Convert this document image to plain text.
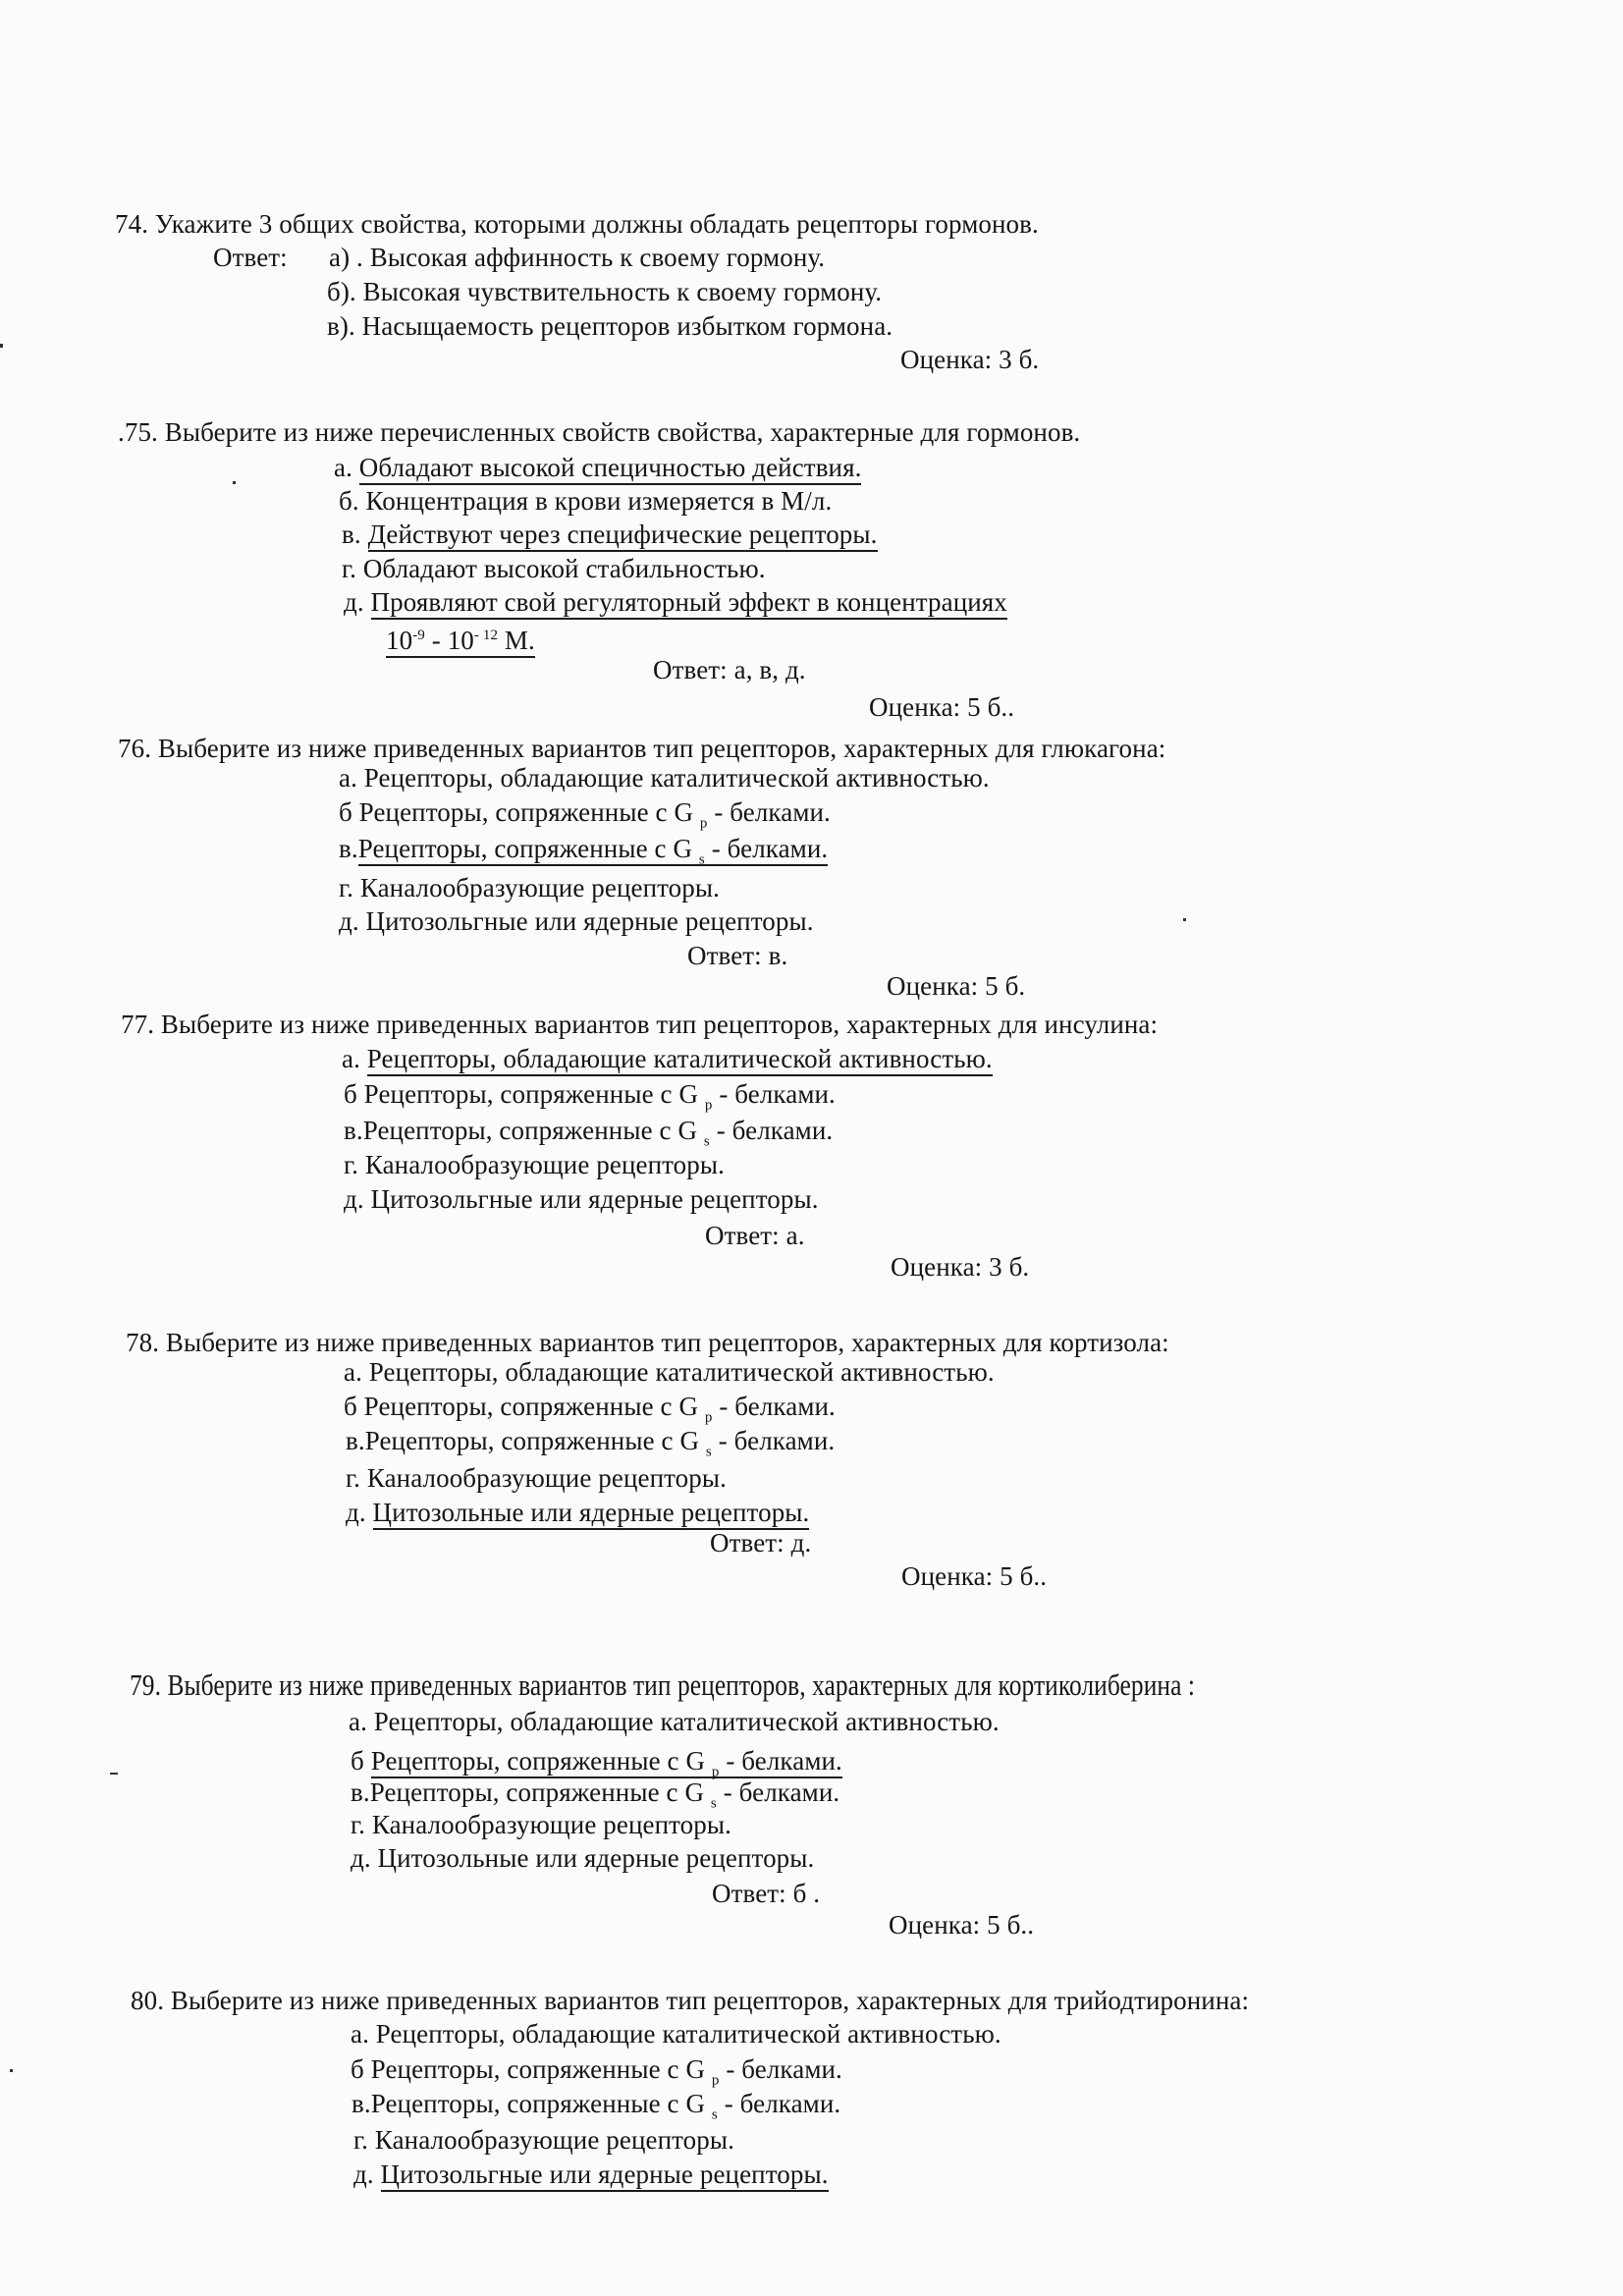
74. Укажите 3 общих свойства, которыми должны обладать рецепторы гормонов.
Ответ: а) . Высокая аффинность к своему гормону.
б). Высокая чувствительность к своему гормону.
в). Насыщаемость рецепторов избытком гормона.
Оценка: 3 б.
.75. Выберите из ниже перечисленных свойств свойства, характерные для гормонов.
а. Обладают высокой специчностью действия.
б. Концентрация в крови измеряется в М/л.
в. Действуют через специфические рецепторы.
г. Обладают высокой стабильностью.
д. Проявляют свой регуляторный эффект в концентрациях
$10^{-9} - 10^{- 12}$ М.
Ответ: а, в, д.
Оценка: 5 б..
76. Выберите из ниже приведенных вариантов тип рецепторов, характерных для глюкагона:
а. Рецепторы, обладающие каталитической активностью.
б Рецепторы, сопряженные с G $_p$ - белками.
в.Рецепторы, сопряженные с G $_s$ - белками.
г. Каналообразующие рецепторы.
д. Цитозольгные или ядерные рецепторы.
Ответ: в.
Оценка: 5 б.
77. Выберите из ниже приведенных вариантов тип рецепторов, характерных для инсулина:
а. Рецепторы, обладающие каталитической активностью.
б Рецепторы, сопряженные с G $_p$ - белками.
в.Рецепторы, сопряженные с G $_s$ - белками.
г. Каналообразующие рецепторы.
д. Цитозольгные или ядерные рецепторы.
Ответ: а.
Оценка: 3 б.
78. Выберите из ниже приведенных вариантов тип рецепторов, характерных для кортизола:
а. Рецепторы, обладающие каталитической активностью.
б Рецепторы, сопряженные с G $_p$ - белками.
в.Рецепторы, сопряженные с G $_s$ - белками.
г. Каналообразующие рецепторы.
д. Цитозольные или ядерные рецепторы.
Ответ: д.
Оценка: 5 б..
79. Выберите из ниже приведенных вариантов тип рецепторов, характерных для кортиколиберина :
а. Рецепторы, обладающие каталитической активностью.
б Рецепторы, сопряженные с G $_p$ - белками.
в.Рецепторы, сопряженные с G $_s$ - белками.
г. Каналообразующие рецепторы.
д. Цитозольные или ядерные рецепторы.
Ответ: б .
Оценка: 5 б..
80. Выберите из ниже приведенных вариантов тип рецепторов, характерных для трийодтиронина:
а. Рецепторы, обладающие каталитической активностью.
б Рецепторы, сопряженные с G $_p$ - белками.
в.Рецепторы, сопряженные с G $_s$ - белками.
г. Каналообразующие рецепторы.
д. Цитозольгные или ядерные рецепторы.
